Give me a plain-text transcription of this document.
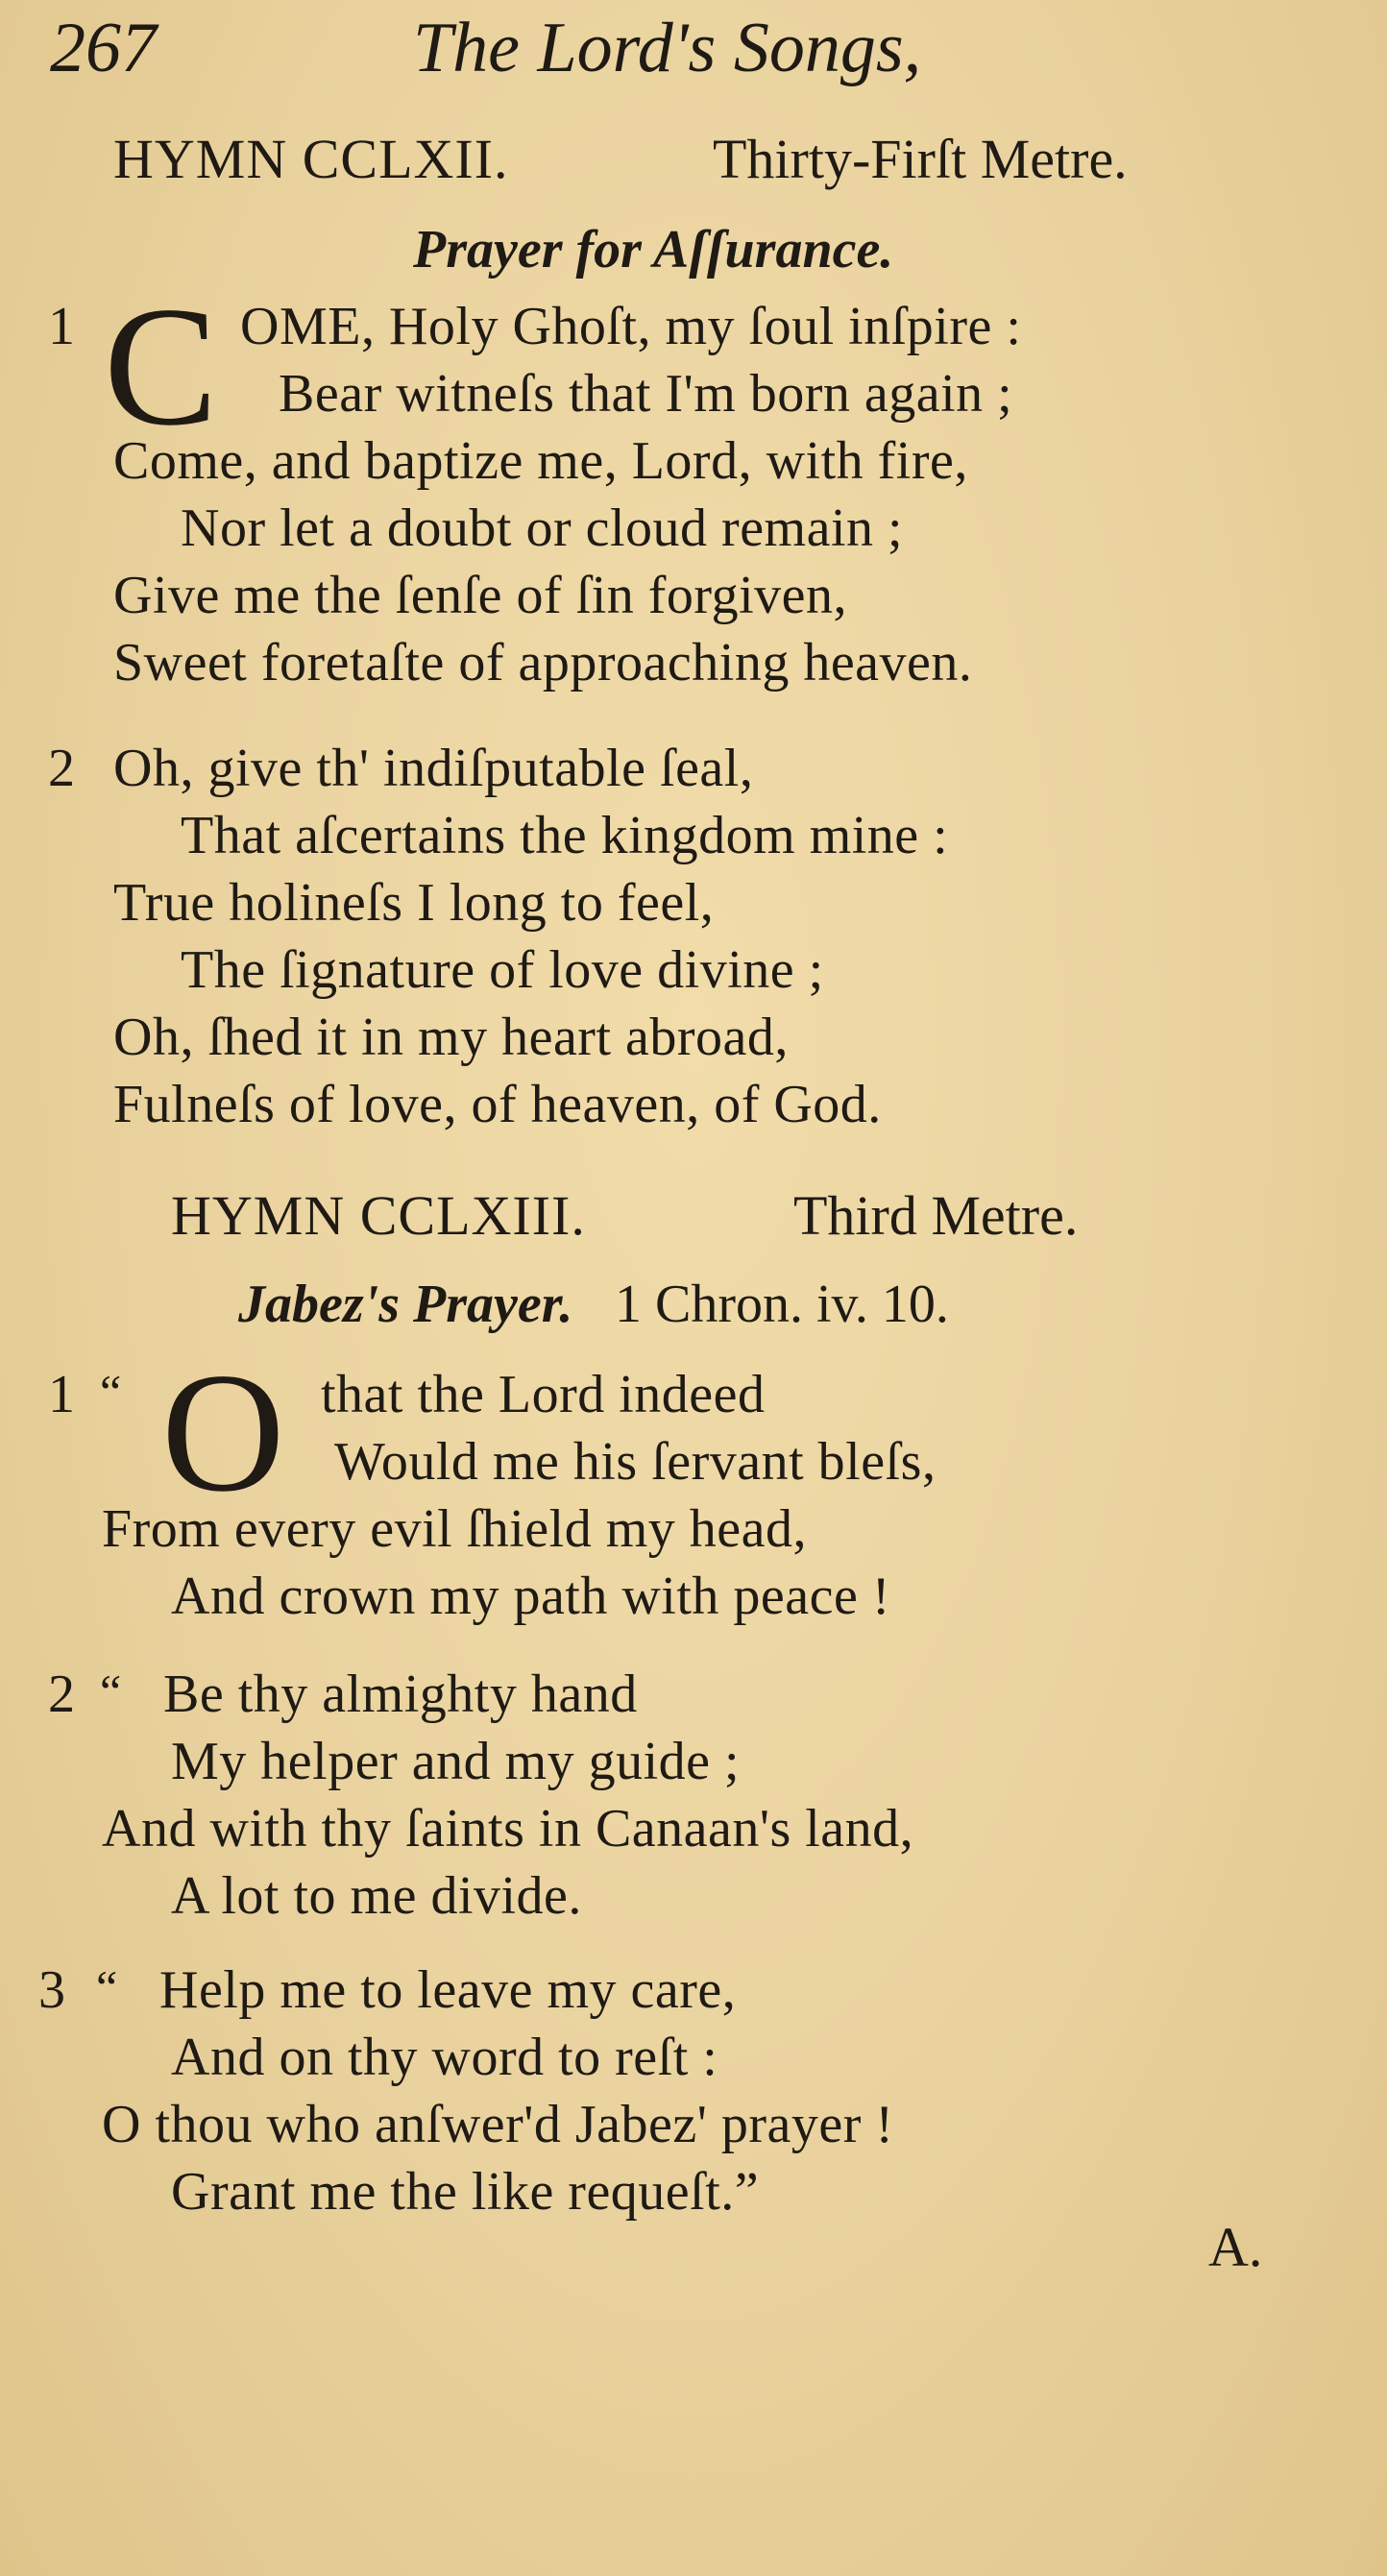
267	The Lord's Songs,
HYMN CCLXII.	Thirty-Firſt Metre.
Prayer for Aſſurance.
1 C OME, Holy Ghoſt, my ſoul inſpire :
Bear witneſs that I'm born again ;
Come, and baptize me, Lord, with fire,
Nor let a doubt or cloud remain ;
Give me the ſenſe of ſin forgiven,
Sweet foretaſte of approaching heaven.
2 Oh, give th' indiſputable ſeal,
That aſcertains the kingdom mine :
True holineſs I long to feel,
The ſignature of love divine ;
Oh, ſhed it in my heart abroad,
Fulneſs of love, of heaven, of God.
HYMN CCLXIII.	Third Metre.
Jabez's Prayer. 1 Chron. iv. 10.
1 “ O that the Lord indeed
Would me his ſervant bleſs,
From every evil ſhield my head,
And crown my path with peace !
2 “ Be thy almighty hand
My helper and my guide ;
And with thy ſaints in Canaan's land,
A lot to me divide.
3 “ Help me to leave my care,
And on thy word to reſt :
O thou who anſwer'd Jabez' prayer !
Grant me the like requeſt.”
A.
